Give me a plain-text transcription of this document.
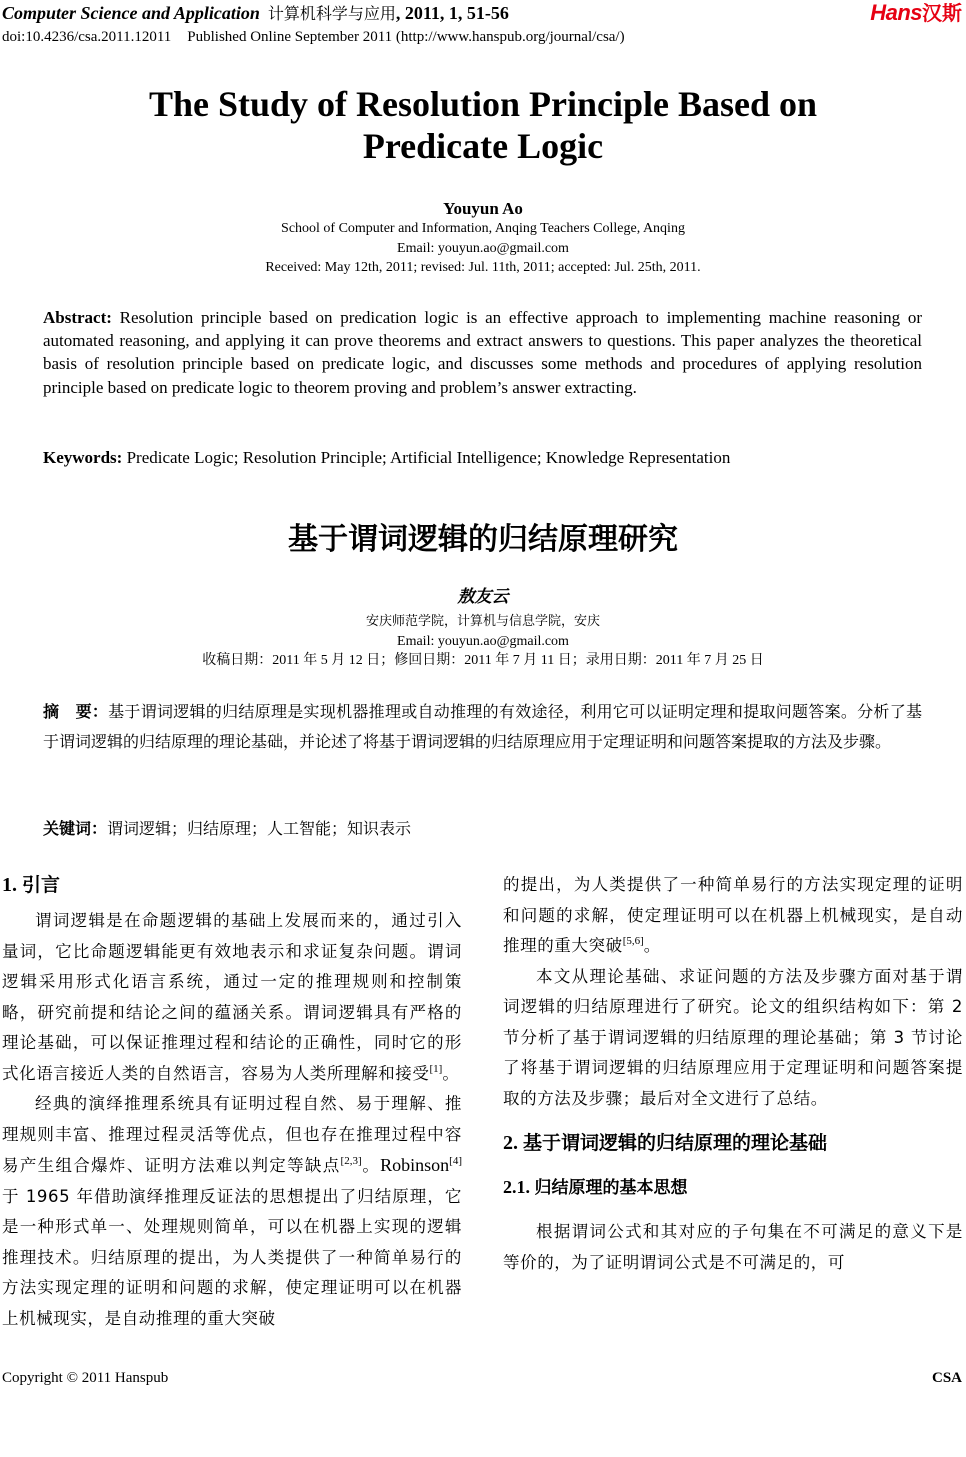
Computer Science and Application 计算机科学与应用, 2011, 1, 51-56
doi:10.4236/csa.2011.12011 Published Online September 2011 (http://www.hanspub.org/journal/csa/)
Hans汉斯
The Study of Resolution Principle Based on
Predicate Logic
Youyun Ao
School of Computer and Information, Anqing Teachers College, Anqing
Email: youyun.ao@gmail.com
Received: May 12th, 2011; revised: Jul. 11th, 2011; accepted: Jul. 25th, 2011.
Abstract: Resolution principle based on predication logic is an effective approach to implementing machine reasoning or automated reasoning, and applying it can prove theorems and extract answers to questions. This paper analyzes the theoretical basis of resolution principle based on predicate logic, and discusses some methods and procedures of applying resolution principle based on predicate logic to theorem proving and problem’s answer extracting.
Keywords: Predicate Logic; Resolution Principle; Artificial Intelligence; Knowledge Representation
基于谓词逻辑的归结原理研究
敖友云
安庆师范学院，计算机与信息学院，安庆
Email: youyun.ao@gmail.com
收稿日期：2011 年 5 月 12 日；修回日期：2011 年 7 月 11 日；录用日期：2011 年 7 月 25 日
摘　要：基于谓词逻辑的归结原理是实现机器推理或自动推理的有效途径，利用它可以证明定理和提取问题答案。分析了基于谓词逻辑的归结原理的理论基础，并论述了将基于谓词逻辑的归结原理应用于定理证明和问题答案提取的方法及步骤。
关键词：谓词逻辑；归结原理；人工智能；知识表示
1. 引言

谓词逻辑是在命题逻辑的基础上发展而来的，通过引入量词，它比命题逻辑能更有效地表示和求证复杂问题。谓词逻辑采用形式化语言系统，通过一定的推理规则和控制策略，研究前提和结论之间的蕴涵关系。谓词逻辑具有严格的理论基础，可以保证推理过程和结论的正确性，同时它的形式化语言接近人类的自然语言，容易为人类所理解和接受[1]。

经典的演绎推理系统具有证明过程自然、易于理解、推理规则丰富、推理过程灵活等优点，但也存在推理过程中容易产生组合爆炸、证明方法难以判定等缺点[2,3]。Robinson[4]于 1965 年借助演绎推理反证法的思想提出了归结原理，它是一种形式单一、处理规则简单，可以在机器上实现的逻辑推理技术。归结原理的提出，为人类提供了一种简单易行的方法实现定理的证明和问题的求解，使定理证明可以在机器上机械现实，是自动推理的重大突破

的提出，为人类提供了一种简单易行的方法实现定理的证明和问题的求解，使定理证明可以在机器上机械现实，是自动推理的重大突破[5,6]。

本文从理论基础、求证问题的方法及步骤方面对基于谓词逻辑的归结原理进行了研究。论文的组织结构如下：第 2 节分析了基于谓词逻辑的归结原理的理论基础；第 3 节讨论了将基于谓词逻辑的归结原理应用于定理证明和问题答案提取的方法及步骤；最后对全文进行了总结。

2. 基于谓词逻辑的归结原理的理论基础
2.1. 归结原理的基本思想

根据谓词公式和其对应的子句集在不可满足的意义下是等价的，为了证明谓词公式是不可满足的，可

Copyright © 2011 Hanspub	CSA
